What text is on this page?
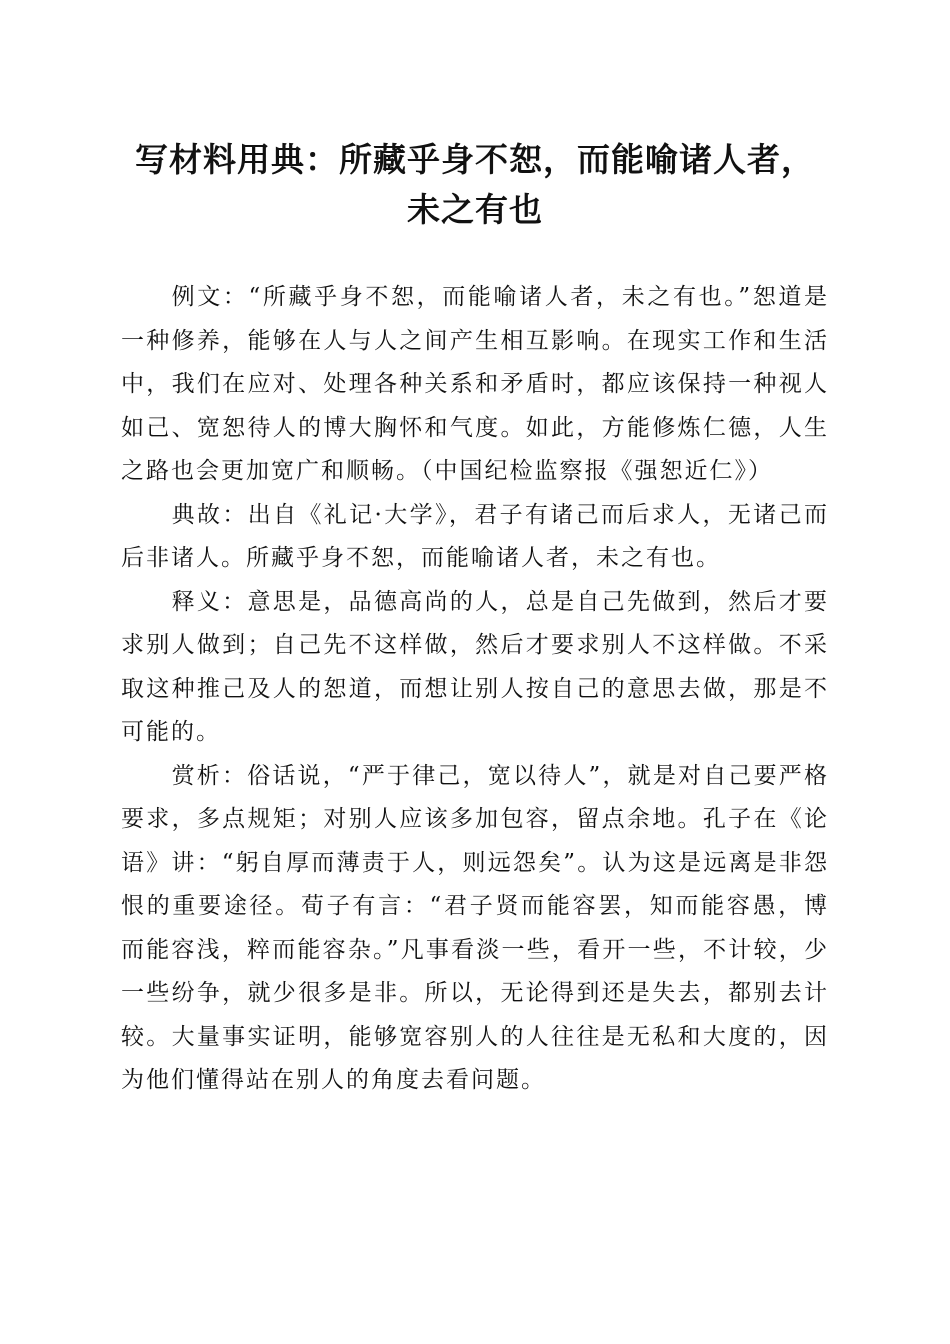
写材料用典：所藏乎身不恕，而能喻诸人者，
未之有也

例文：“所藏乎身不恕，而能喻诸人者，未之有也。”恕道是一种修养，能够在人与人之间产生相互影响。在现实工作和生活中，我们在应对、处理各种关系和矛盾时，都应该保持一种视人如己、宽恕待人的博大胸怀和气度。如此，方能修炼仁德，人生之路也会更加宽广和顺畅。（中国纪检监察报《强恕近仁》）

典故：出自《礼记·大学》，君子有诸己而后求人，无诸己而后非诸人。所藏乎身不恕，而能喻诸人者，未之有也。

释义：意思是，品德高尚的人，总是自己先做到，然后才要求别人做到；自己先不这样做，然后才要求别人不这样做。不采取这种推己及人的恕道，而想让别人按自己的意思去做，那是不可能的。

赏析：俗话说，“严于律己，宽以待人”，就是对自己要严格要求，多点规矩；对别人应该多加包容，留点余地。孔子在《论语》讲：“躬自厚而薄责于人，则远怨矣”。认为这是远离是非怨恨的重要途径。荀子有言：“君子贤而能容罢，知而能容愚，博而能容浅，粹而能容杂。”凡事看淡一些，看开一些，不计较，少一些纷争，就少很多是非。所以，无论得到还是失去，都别去计较。大量事实证明，能够宽容别人的人往往是无私和大度的，因为他们懂得站在别人的角度去看问题。
